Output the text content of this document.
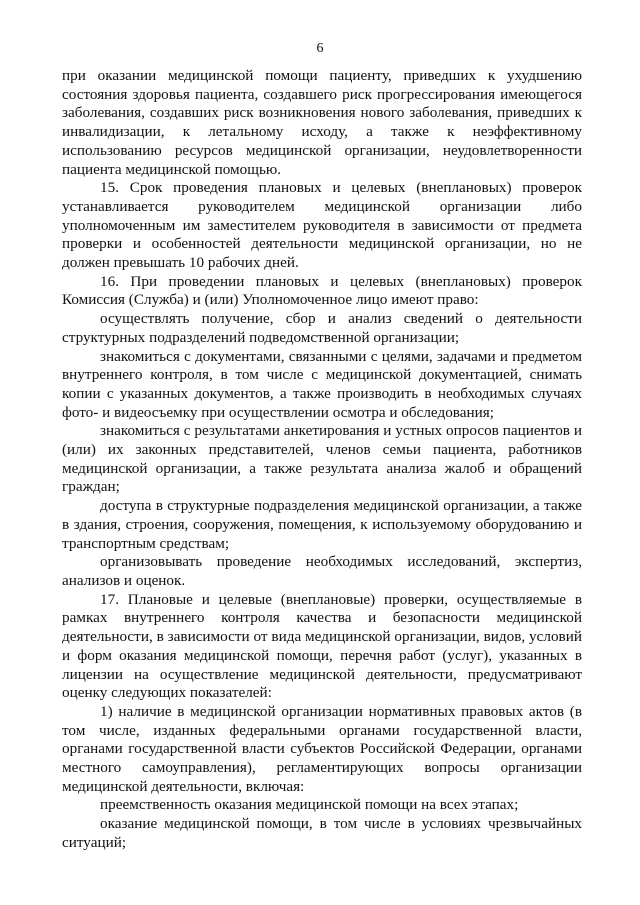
6

при оказании медицинской помощи пациенту, приведших к ухудшению состояния здоровья пациента, создавшего риск прогрессирования имеющегося заболевания, создавших риск возникновения нового заболевания, приведших к инвалидизации, к летальному исходу, а также к неэффективному использованию ресурсов медицинской организации, неудовлетворенности пациента медицинской помощью.

15. Срок проведения плановых и целевых (внеплановых) проверок устанавливается руководителем медицинской организации либо уполномоченным им заместителем руководителя в зависимости от предмета проверки и особенностей деятельности медицинской организации, но не должен превышать 10 рабочих дней.

16. При проведении плановых и целевых (внеплановых) проверок Комиссия (Служба) и (или) Уполномоченное лицо имеют право:

осуществлять получение, сбор и анализ сведений о деятельности структурных подразделений подведомственной организации;

знакомиться с документами, связанными с целями, задачами и предметом внутреннего контроля, в том числе с медицинской документацией, снимать копии с указанных документов, а также производить в необходимых случаях фото- и видеосъемку при осуществлении осмотра и обследования;

знакомиться с результатами анкетирования и устных опросов пациентов и (или) их законных представителей, членов семьи пациента, работников медицинской организации, а также результата анализа жалоб и обращений граждан;

доступа в структурные подразделения медицинской организации, а также в здания, строения, сооружения, помещения, к используемому оборудованию и транспортным средствам;

организовывать проведение необходимых исследований, экспертиз, анализов и оценок.

17. Плановые и целевые (внеплановые) проверки, осуществляемые в рамках внутреннего контроля качества и безопасности медицинской деятельности, в зависимости от вида медицинской организации, видов, условий и форм оказания медицинской помощи, перечня работ (услуг), указанных в лицензии на осуществление медицинской деятельности, предусматривают оценку следующих показателей:

1) наличие в медицинской организации нормативных правовых актов (в том числе, изданных федеральными органами государственной власти, органами государственной власти субъектов Российской Федерации, органами местного самоуправления), регламентирующих вопросы организации медицинской деятельности, включая:

преемственность оказания медицинской помощи на всех этапах;

оказание медицинской помощи, в том числе в условиях чрезвычайных ситуаций;
